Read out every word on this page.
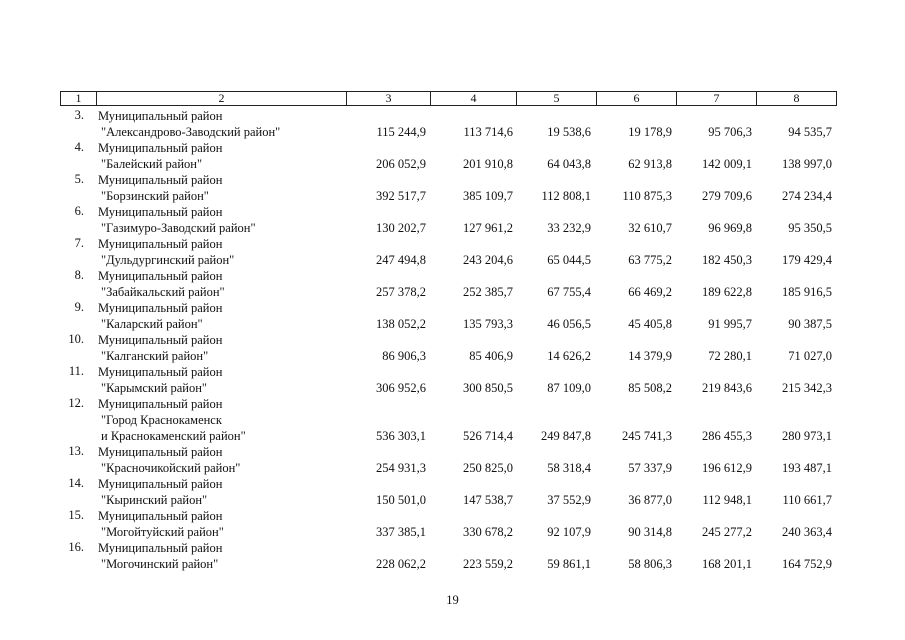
1	2	3	4	5	6	7	8
3. Муниципальный район
"Александрово-Заводский район"	115 244,9	113 714,6	19 538,6	19 178,9	95 706,3	94 535,7
4. Муниципальный район
"Балейский район"	206 052,9	201 910,8	64 043,8	62 913,8	142 009,1	138 997,0
5. Муниципальный район
"Борзинский район"	392 517,7	385 109,7	112 808,1	110 875,3	279 709,6	274 234,4
6. Муниципальный район
"Газимуро-Заводский район"	130 202,7	127 961,2	33 232,9	32 610,7	96 969,8	95 350,5
7. Муниципальный район
"Дульдургинский район"	247 494,8	243 204,6	65 044,5	63 775,2	182 450,3	179 429,4
8. Муниципальный район
"Забайкальский район"	257 378,2	252 385,7	67 755,4	66 469,2	189 622,8	185 916,5
9. Муниципальный район
"Каларский район"	138 052,2	135 793,3	46 056,5	45 405,8	91 995,7	90 387,5
10. Муниципальный район
"Калганский район"	86 906,3	85 406,9	14 626,2	14 379,9	72 280,1	71 027,0
11. Муниципальный район
"Карымский район"	306 952,6	300 850,5	87 109,0	85 508,2	219 843,6	215 342,3
12. Муниципальный район
"Город Краснокаменск
и Краснокаменский район"	536 303,1	526 714,4	249 847,8	245 741,3	286 455,3	280 973,1
13. Муниципальный район
"Красночикойский район"	254 931,3	250 825,0	58 318,4	57 337,9	196 612,9	193 487,1
14. Муниципальный район
"Кыринский район"	150 501,0	147 538,7	37 552,9	36 877,0	112 948,1	110 661,7
15. Муниципальный район
"Могойтуйский район"	337 385,1	330 678,2	92 107,9	90 314,8	245 277,2	240 363,4
16. Муниципальный район
"Могочинский район"	228 062,2	223 559,2	59 861,1	58 806,3	168 201,1	164 752,9
19
